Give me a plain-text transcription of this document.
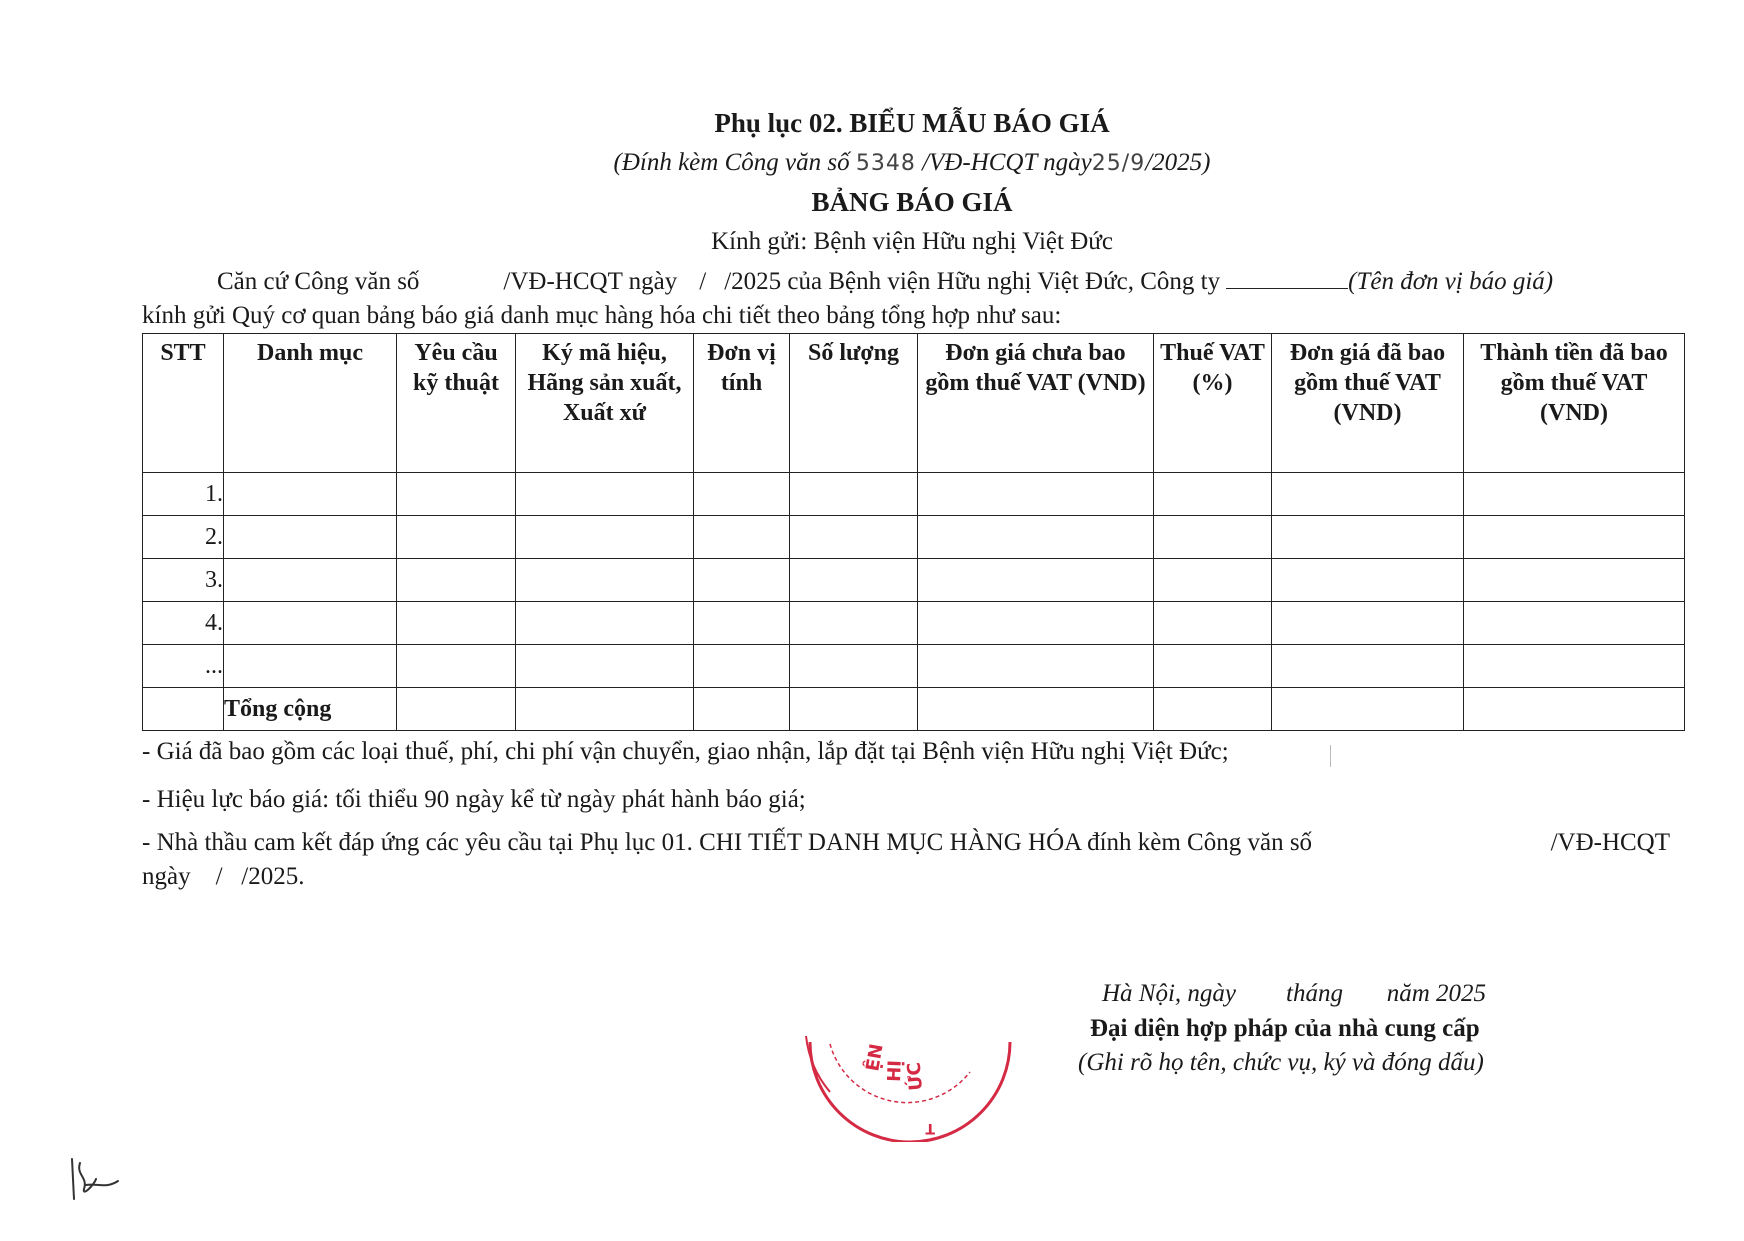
Phụ lục 02. BIỂU MẪU BÁO GIÁ
(Đính kèm Công văn số 5348 /VĐ-HCQT ngày25/9/2025)
BẢNG BÁO GIÁ
Kính gửi: Bệnh viện Hữu nghị Việt Đức
Căn cứ Công văn số	/VĐ-HCQT ngày / /2025 của Bệnh viện Hữu nghị Việt Đức, Công ty	(Tên đơn vị báo giá)
kính gửi Quý cơ quan bảng báo giá danh mục hàng hóa chi tiết theo bảng tổng hợp như sau:
STT	Danh mục	Yêu cầu kỹ thuật	Ký mã hiệu, Hãng sản xuất, Xuất xứ	Đơn vị tính	Số lượng	Đơn giá chưa bao gồm thuế VAT (VND)	Thuế VAT (%)	Đơn giá đã bao gồm thuế VAT (VND)	Thành tiền đã bao gồm thuế VAT (VND)
1.									
2.									
3.									
4.									
...									
	Tổng cộng								
- Giá đã bao gồm các loại thuế, phí, chi phí vận chuyển, giao nhận, lắp đặt tại Bệnh viện Hữu nghị Việt Đức;
- Hiệu lực báo giá: tối thiểu 90 ngày kể từ ngày phát hành báo giá;
- Nhà thầu cam kết đáp ứng các yêu cầu tại Phụ lục 01. CHI TIẾT DANH MỤC HÀNG HÓA đính kèm Công văn số	/VĐ-HCQT
ngày    /   /2025.
Hà Nội, ngày        tháng       năm 2025
Đại diện hợp pháp của nhà cung cấp
(Ghi rõ họ tên, chức vụ, ký và đóng dấu)
ỆN
HỊ
ỨC
T
